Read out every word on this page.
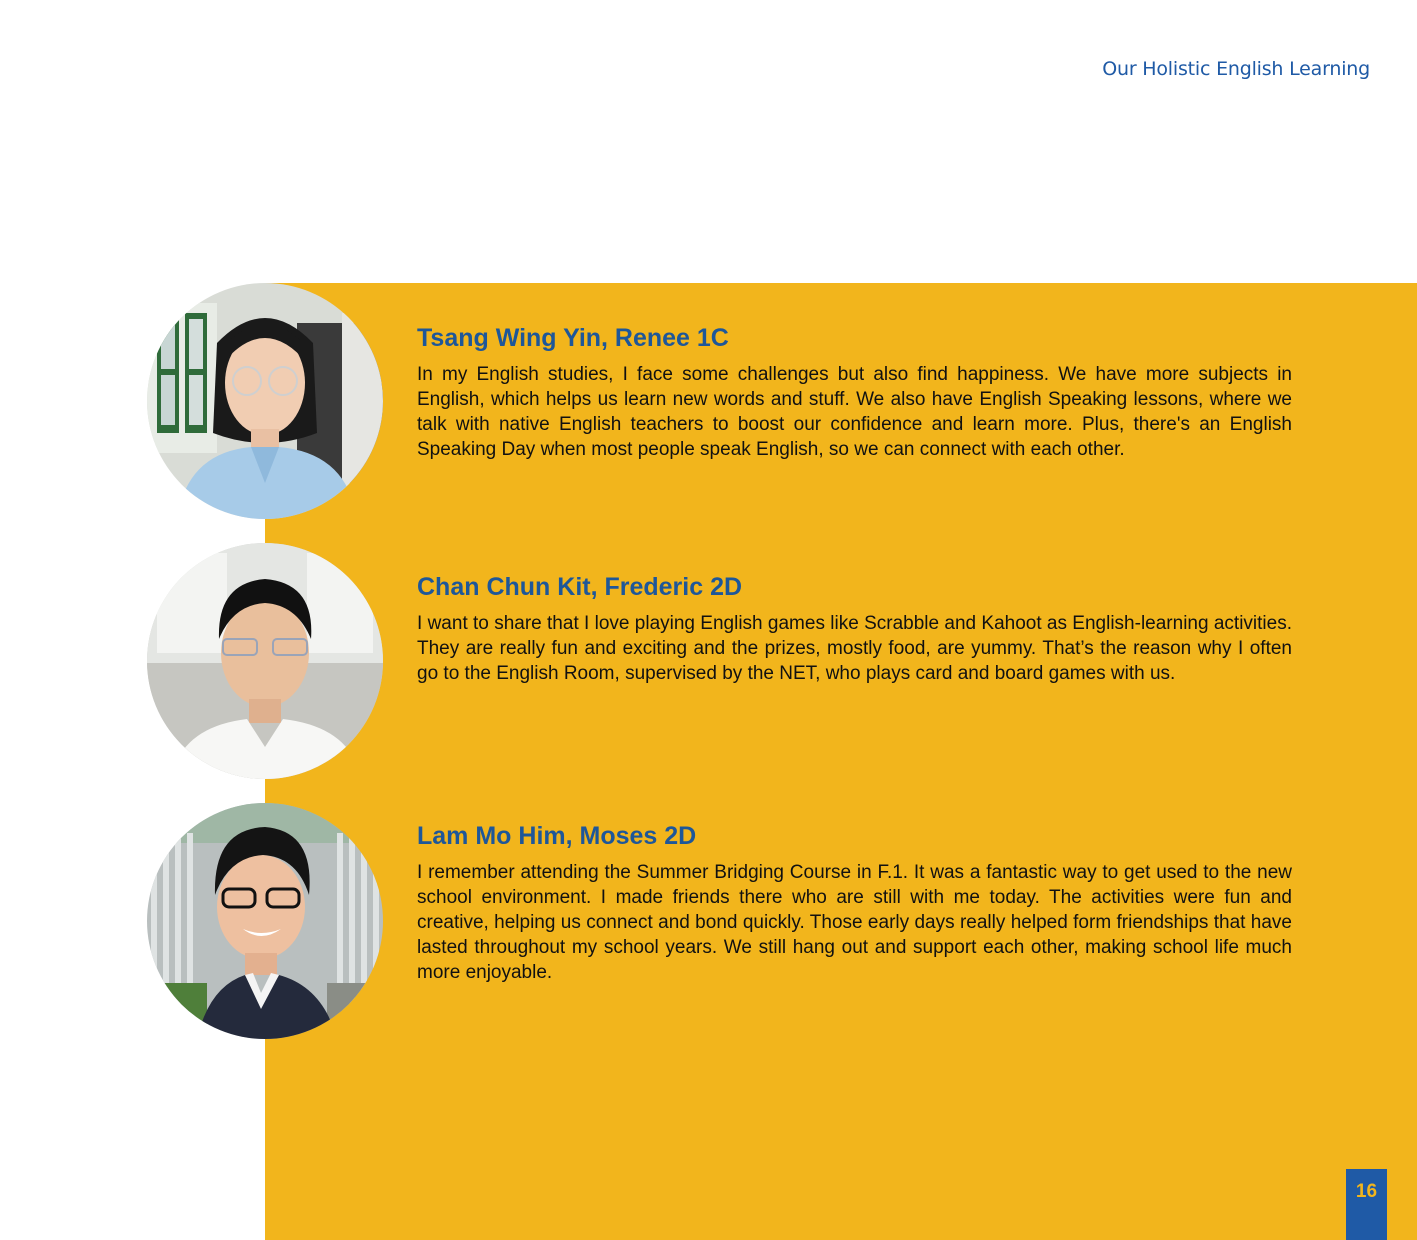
Our Holistic English Learning
Tsang Wing Yin, Renee 1C
In my English studies, I face some challenges but also find happiness. We have more subjects in English, which helps us learn new words and stuff. We also have English Speaking lessons, where we talk with native English teachers to boost our confidence and learn more. Plus, there's an English Speaking Day when most people speak English, so we can connect with each other.
Chan Chun Kit, Frederic 2D
I want to share that I love playing English games like Scrabble and Kahoot as English-learning activities. They are really fun and exciting and the prizes, mostly food, are yummy. That’s the reason why I often go to the English Room, supervised by the NET, who plays card and board games with us.
Lam Mo Him, Moses 2D
I remember attending the Summer Bridging Course in F.1. It was a fantastic way to get used to the new school environment. I made friends there who are still with me today. The activities were fun and creative, helping us connect and bond quickly. Those early days really helped form friendships that have lasted throughout my school years. We still hang out and support each other, making school life much more enjoyable.
16
